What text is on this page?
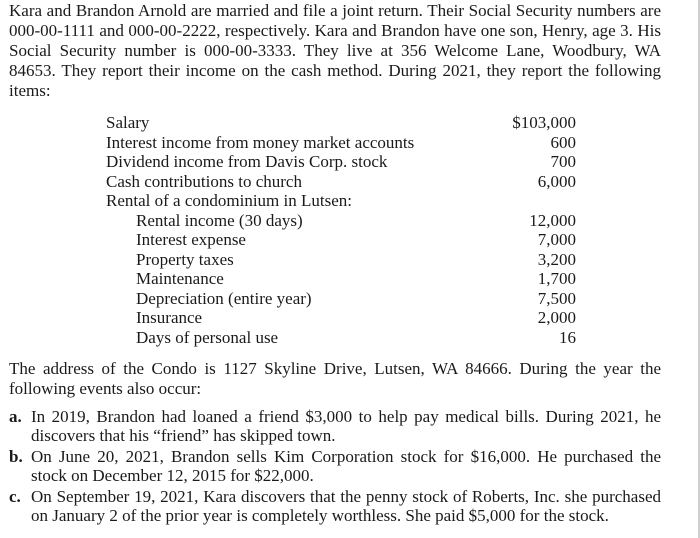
Kara and Brandon Arnold are married and file a joint return. Their Social Security numbers are 000-00-1111 and 000-00-2222, respectively. Kara and Brandon have one son, Henry, age 3. His Social Security number is 000-00-3333. They live at 356 Welcome Lane, Woodbury, WA 84653. They report their income on the cash method. During 2021, they report the following items:

Salary	$103,000
Interest income from money market accounts	600
Dividend income from Davis Corp. stock	700
Cash contributions to church	6,000
Rental of a condominium in Lutsen:
Rental income (30 days)	12,000
Interest expense	7,000
Property taxes	3,200
Maintenance	1,700
Depreciation (entire year)	7,500
Insurance	2,000
Days of personal use	16

The address of the Condo is 1127 Skyline Drive, Lutsen, WA 84666. During the year the following events also occur:

a. In 2019, Brandon had loaned a friend $3,000 to help pay medical bills. During 2021, he discovers that his “friend” has skipped town.
b. On June 20, 2021, Brandon sells Kim Corporation stock for $16,000. He purchased the stock on December 12, 2015 for $22,000.
c. On September 19, 2021, Kara discovers that the penny stock of Roberts, Inc. she purchased on January 2 of the prior year is completely worthless. She paid $5,000 for the stock.
